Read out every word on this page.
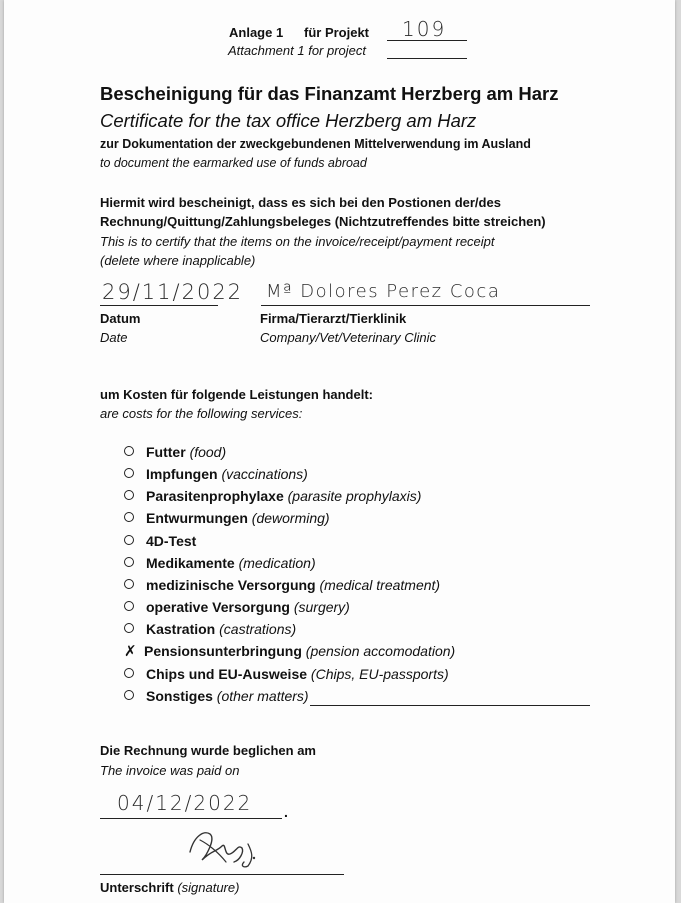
Anlage 1 für Projekt 109
Attachment 1 for project
Bescheinigung für das Finanzamt Herzberg am Harz
Certificate for the tax office Herzberg am Harz
zur Dokumentation der zweckgebundenen Mittelverwendung im Ausland
to document the earmarked use of funds abroad
Hiermit wird bescheinigt, dass es sich bei den Postionen der/des
Rechnung/Quittung/Zahlungsbeleges (Nichtzutreffendes bitte streichen)
This is to certify that the items on the invoice/receipt/payment receipt
(delete where inapplicable)
29/11/2022 Mª Dolores Perez Coca
Datum
Date
Firma/Tierarzt/Tierklinik
Company/Vet/Veterinary Clinic
um Kosten für folgende Leistungen handelt:
are costs for the following services:
Futter (food)
Impfungen (vaccinations)
Parasitenprophylaxe (parasite prophylaxis)
Entwurmungen (deworming)
4D-Test
Medikamente (medication)
medizinische Versorgung (medical treatment)
operative Versorgung (surgery)
Kastration (castrations)
✗ Pensionsunterbringung (pension accomodation)
Chips und EU-Ausweise (Chips, EU-passports)
Sonstiges (other matters)
Die Rechnung wurde beglichen am
The invoice was paid on
04/12/2022 .
Unterschrift (signature)
